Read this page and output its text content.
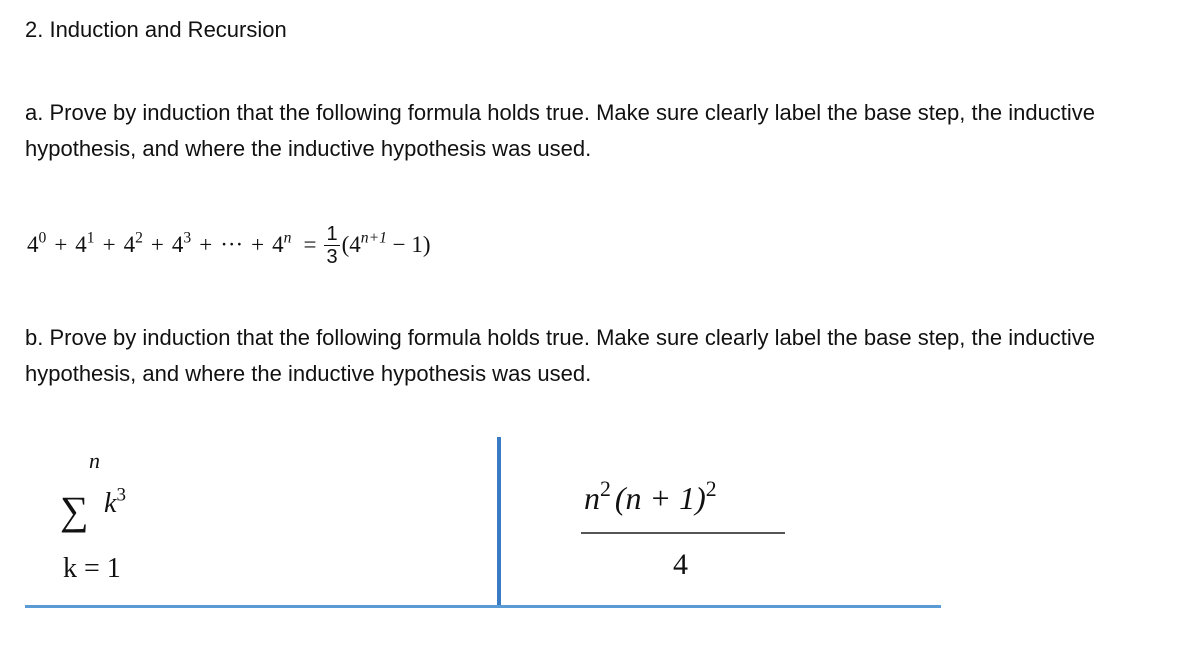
2. Induction and Recursion
a. Prove by induction that the following formula holds true. Make sure clearly label the base step, the inductive hypothesis, and where the inductive hypothesis was used.
$4^0 + 4^1 + 4^2 + 4^3$ + ··· + $4^n = \frac{1}{3} (4^{n+1} - 1)$
b. Prove by induction that the following formula holds true. Make sure clearly label the base step, the inductive hypothesis, and where the inductive hypothesis was used.
n
∑ $k^3$
k = 1
$n^2$ $(n + 1)^2$
4
